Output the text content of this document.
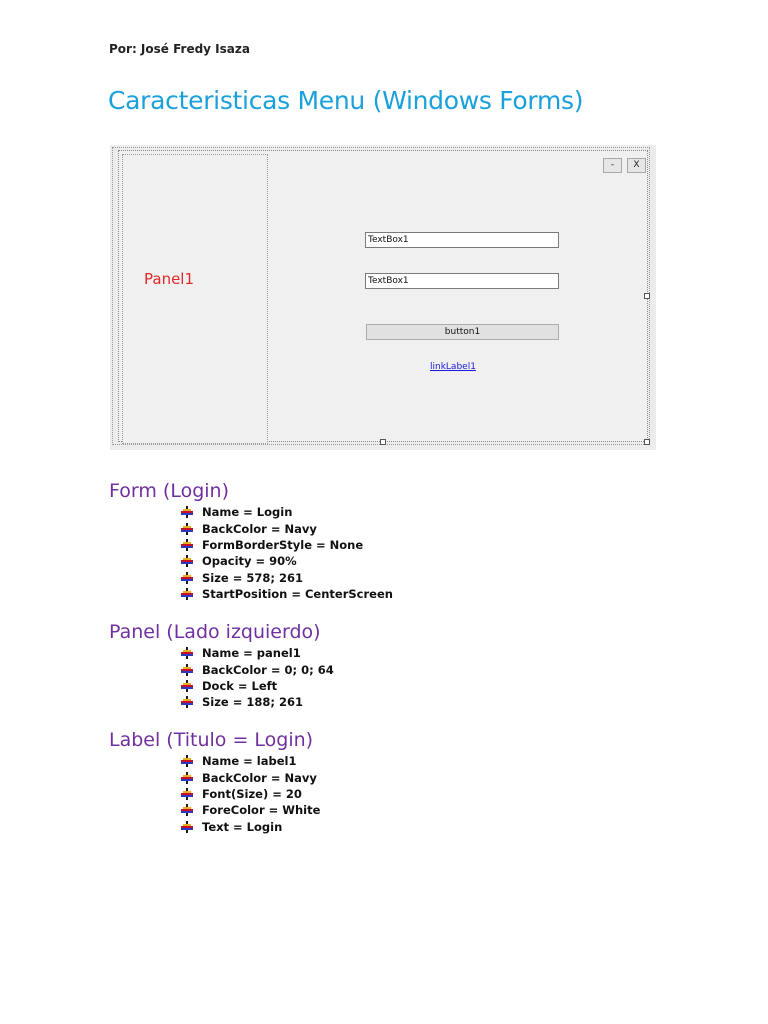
Por: José Fredy Isaza
Caracteristicas Menu (Windows Forms)
Panel1
-	X
TextBox1
TextBox1
button1
linkLabel1
Form (Login)
Name = Login
BackColor = Navy
FormBorderStyle = None
Opacity = 90%
Size = 578; 261
StartPosition = CenterScreen
Panel (Lado izquierdo)
Name = panel1
BackColor = 0; 0; 64
Dock = Left
Size = 188; 261
Label (Titulo = Login)
Name = label1
BackColor = Navy
Font(Size) = 20
ForeColor = White
Text = Login
